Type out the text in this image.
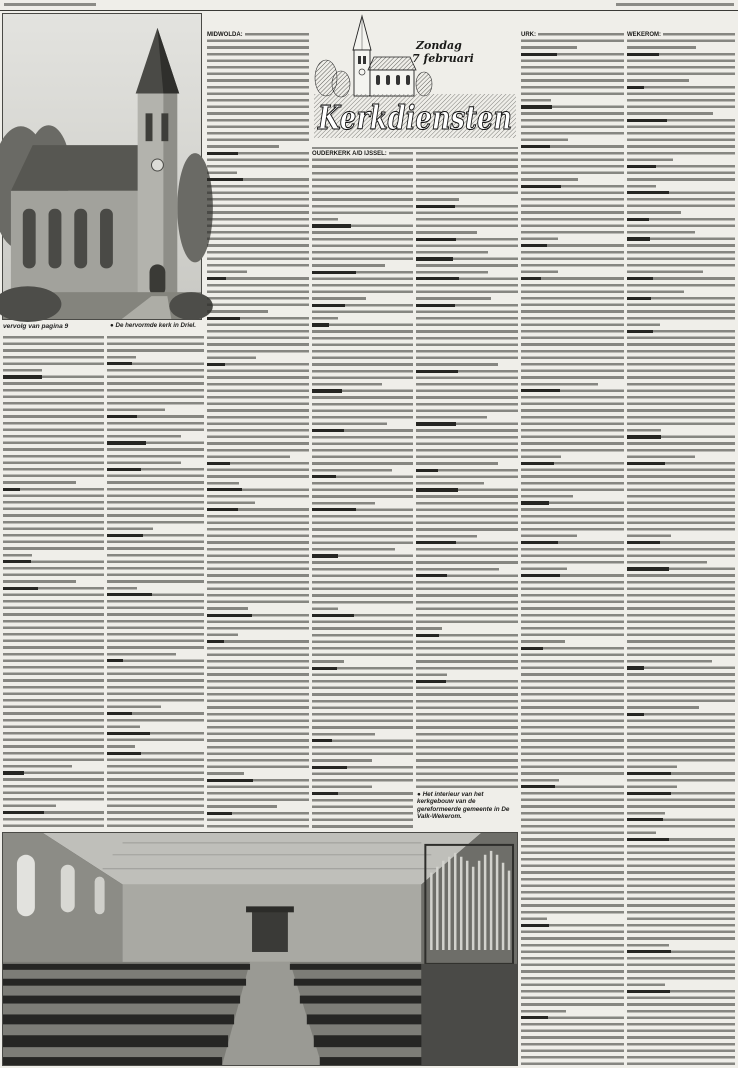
● De hervormde kerk in Driel.
vervolg van pagina 9
MIDWOLDA:
OUDERKERK A/D IJSSEL:
URK:	WEKEROM:
Zondag
7 februari
Kerkdiensten
● Het interieur van het kerkgebouw van de gereformeerde gemeente in De Valk-Wekerom.
